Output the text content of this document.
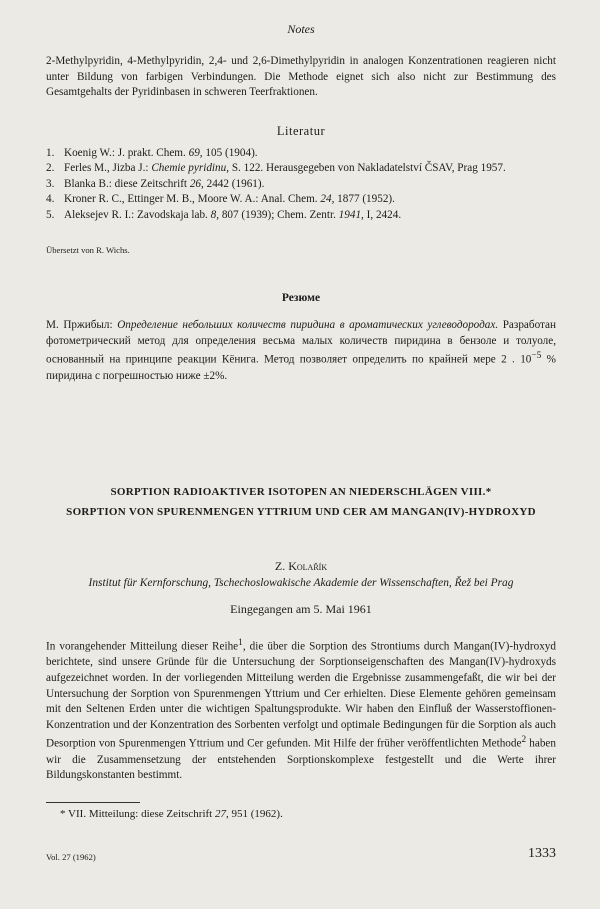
Notes
2-Methylpyridin, 4-Methylpyridin, 2,4- und 2,6-Dimethylpyridin in analogen Konzentrationen reagieren nicht unter Bildung von farbigen Verbindungen. Die Methode eignet sich also nicht zur Bestimmung des Gesamtgehalts der Pyridinbasen in schweren Teerfraktionen.
Literatur
1. Koenig W.: J. prakt. Chem. 69, 105 (1904).
2. Ferles M., Jizba J.: Chemie pyridinu, S. 122. Herausgegeben von Nakladatelství ČSAV, Prag 1957.
3. Blanka B.: diese Zeitschrift 26, 2442 (1961).
4. Kroner R. C., Ettinger M. B., Moore W. A.: Anal. Chem. 24, 1877 (1952).
5. Aleksejev R. I.: Zavodskaja lab. 8, 807 (1939); Chem. Zentr. 1941, I, 2424.
Übersetzt von R. Wichs.
Резюме
М. Пржибыл: Определение небольших количеств пиридина в ароматических углеводородах. Разработан фотометрический метод для определения весьма малых количеств пиридина в бензоле и толуоле, основанный на принципе реакции Кёнига. Метод позволяет определить по крайней мере 2 . $10^{-5}$ % пиридина с погрешностью ниже ±2%.
SORPTION RADIOAKTIVER ISOTOPEN AN NIEDERSCHLÄGEN VIII.*
SORPTION VON SPURENMENGEN YTTRIUM UND CER AM MANGAN(IV)-HYDROXYD
Z. Kolařík
Institut für Kernforschung, Tschechoslowakische Akademie der Wissenschaften, Řež bei Prag
Eingegangen am 5. Mai 1961
In vorangehender Mitteilung dieser Reihe$^1$, die über die Sorption des Strontiums durch Mangan(IV)-hydroxyd berichtete, sind unsere Gründe für die Untersuchung der Sorptionseigenschaften des Mangan(IV)-hydroxyds aufgezeichnet worden. In der vorliegenden Mitteilung werden die Ergebnisse zusammengefaßt, die wir bei der Untersuchung der Sorption von Spurenmengen Yttrium und Cer erhielten. Diese Elemente gehören gemeinsam mit den Seltenen Erden unter die wichtigen Spaltungsprodukte. Wir haben den Einfluß der Wasserstoffionen-Konzentration und der Konzentration des Sorbenten verfolgt und optimale Bedingungen für die Sorption als auch Desorption von Spurenmengen Yttrium und Cer gefunden. Mit Hilfe der früher veröffentlichten Methode$^2$ haben wir die Zusammensetzung der entstehenden Sorptionskomplexe festgestellt und die Werte ihrer Bildungskonstanten bestimmt.
* VII. Mitteilung: diese Zeitschrift 27, 951 (1962).
Vol. 27 (1962)	1333
